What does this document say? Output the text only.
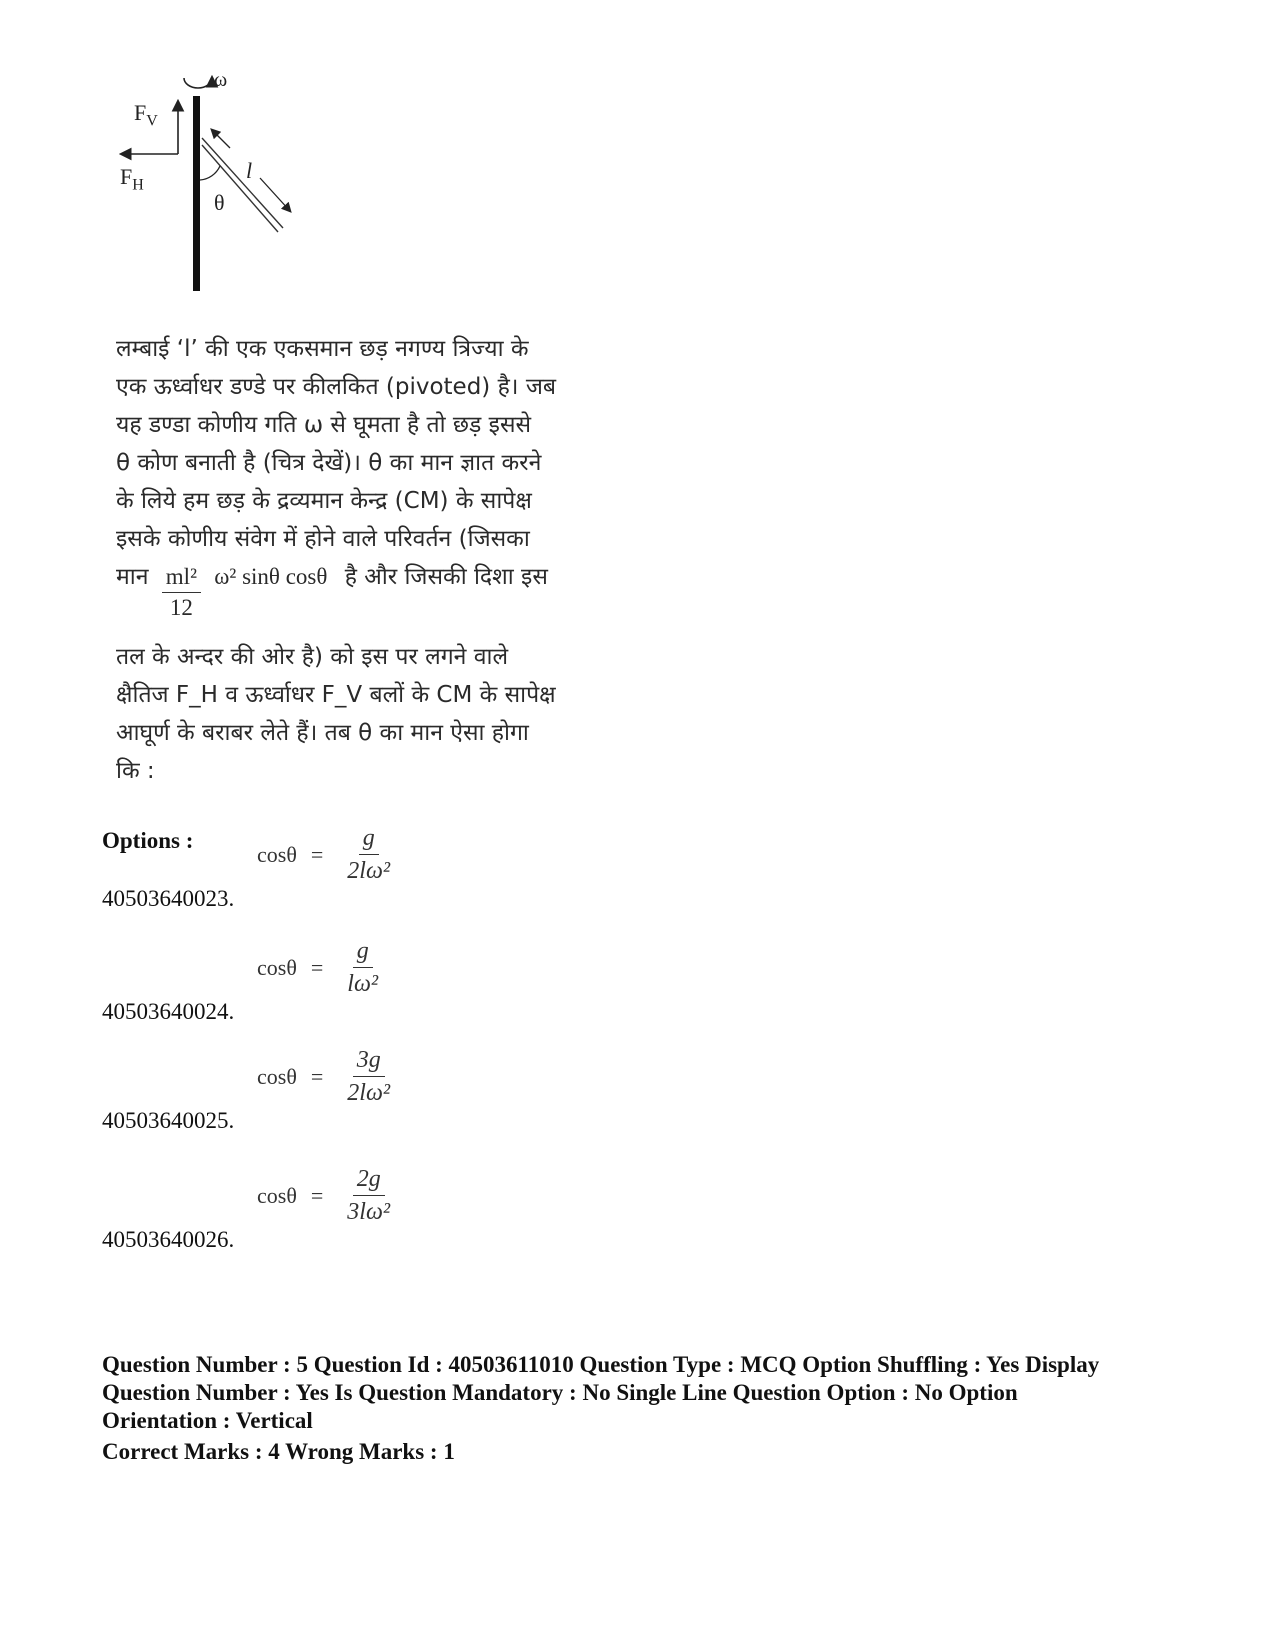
ω
$F_V$
$F_H$
l
θ
लम्बाई ‘l’ की एक एकसमान छड़ नगण्य त्रिज्या के
एक ऊर्ध्वाधर डण्डे पर कीलकित (pivoted) है। जब
यह डण्डा कोणीय गति ω से घूमता है तो छड़ इससे
θ कोण बनाती है (चित्र देखें)। θ का मान ज्ञात करने
के लिये हम छड़ के द्रव्यमान केन्द्र (CM) के सापेक्ष
इसके कोणीय संवेग में होने वाले परिवर्तन (जिसका
मान $\frac{\text{ml²}}{12} \omega^2$ sinθ cosθ है और जिसकी दिशा इस
तल के अन्दर की ओर है) को इस पर लगने वाले
क्षैतिज F_H व ऊर्ध्वाधर F_V बलों के CM के सापेक्ष
आघूर्ण के बराबर लेते हैं। तब θ का मान ऐसा होगा
कि :
Options :
$\cos\theta = \frac{g}{\text{2lω²}}$
40503640023.
$\cos\theta = \frac{g}{\text{lω²}}$
40503640024.
$\cos\theta = \frac{3g}{\text{2lω²}}$
40503640025.
$\cos\theta = \frac{2g}{\text{3lω²}}$
40503640026.
Question Number : 5 Question Id : 40503611010 Question Type : MCQ Option Shuffling : Yes Display
Question Number : Yes Is Question Mandatory : No Single Line Question Option : No Option
Orientation : Vertical
Correct Marks : 4 Wrong Marks : 1
